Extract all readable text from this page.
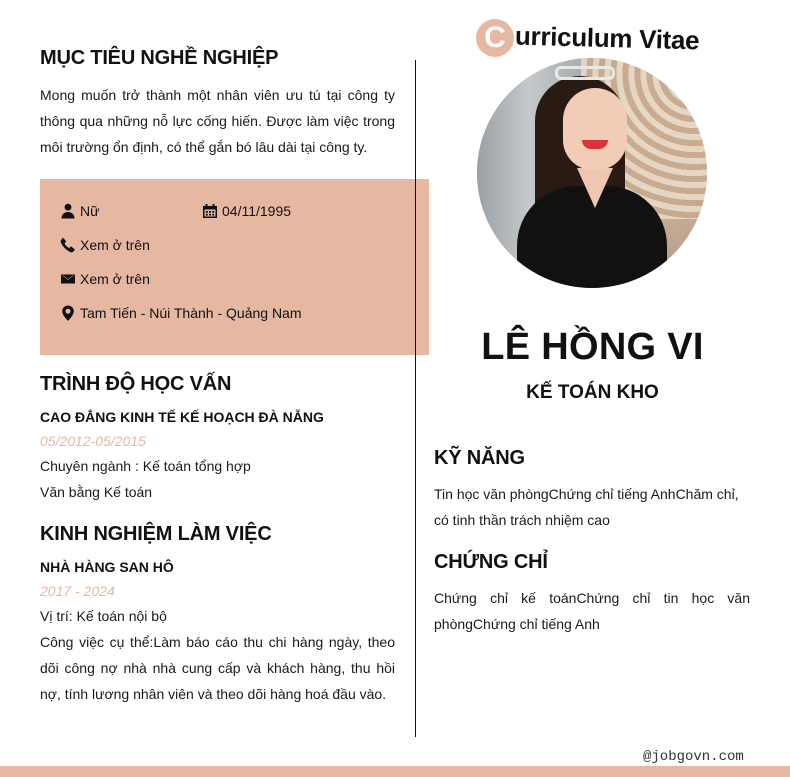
MỤC TIÊU NGHỀ NGHIỆP
Mong muốn trở thành một nhân viên ưu tú tại công ty thông qua những nỗ lực cống hiến. Được làm việc trong môi trường ổn định, có thể gắn bó lâu dài tại công ty.
Nữ	04/11/1995
Xem ở trên
Xem ở trên
Tam Tiến - Núi Thành - Quảng Nam
TRÌNH ĐỘ HỌC VẤN
CAO ĐẲNG KINH TẾ KẾ HOẠCH ĐÀ NẴNG
05/2012-05/2015
Chuyên ngành : Kế toán tổng hợp
Văn bằng Kế toán
KINH NGHIỆM LÀM VIỆC
NHÀ HÀNG SAN HÔ
2017 - 2024
Vị trí: Kế toán nội bộ
Công việc cụ thể:Làm báo cáo thu chi hàng ngày, theo dõi công nợ nhà nhà cung cấp và khách hàng, thu hồi nợ, tính lương nhân viên và theo dõi hàng hoá đầu vào.
C urriculum Vitae
LÊ HỒNG VI
KẾ TOÁN KHO
KỸ NĂNG
Tin học văn phòngChứng chỉ tiếng AnhChăm chỉ, có tinh thần trách nhiệm cao
CHỨNG CHỈ
Chứng chỉ kế toánChứng chỉ tin học văn phòngChứng chỉ tiếng Anh
@jobgovn.com
